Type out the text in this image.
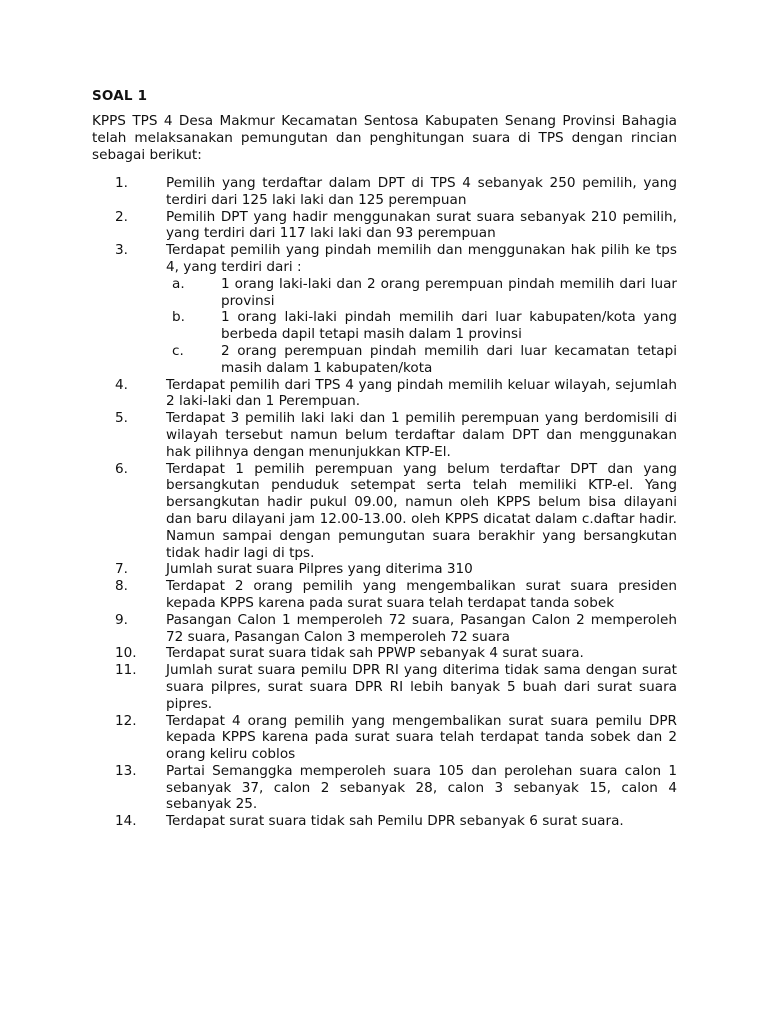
SOAL 1
KPPS TPS 4 Desa Makmur Kecamatan Sentosa Kabupaten Senang Provinsi Bahagia telah melaksanakan pemungutan dan penghitungan suara di TPS dengan rincian sebagai berikut:
1.	Pemilih yang terdaftar dalam DPT di TPS 4 sebanyak 250 pemilih, yang terdiri dari 125 laki laki dan 125 perempuan
2.	Pemilih DPT yang hadir menggunakan surat suara sebanyak 210 pemilih, yang terdiri dari 117 laki laki dan 93 perempuan
3.	Terdapat pemilih yang pindah memilih dan menggunakan hak pilih ke tps 4, yang terdiri dari :
a.	1 orang laki-laki dan 2 orang perempuan pindah memilih dari luar provinsi
b.	1 orang laki-laki pindah memilih dari luar kabupaten/kota yang berbeda dapil tetapi masih dalam 1 provinsi
c.	2 orang perempuan pindah memilih dari luar kecamatan tetapi masih dalam 1 kabupaten/kota
4.	Terdapat pemilih dari TPS 4 yang pindah memilih keluar wilayah, sejumlah 2 laki-laki dan 1 Perempuan.
5.	Terdapat 3 pemilih laki laki dan 1 pemilih perempuan yang berdomisili di wilayah tersebut namun belum terdaftar dalam DPT dan menggunakan hak pilihnya dengan menunjukkan KTP-El.
6.	Terdapat 1 pemilih perempuan yang belum terdaftar DPT dan yang bersangkutan penduduk setempat serta telah memiliki KTP-el. Yang bersangkutan hadir pukul 09.00, namun oleh KPPS belum bisa dilayani dan baru dilayani jam 12.00-13.00. oleh KPPS dicatat dalam c.daftar hadir. Namun sampai dengan pemungutan suara berakhir yang bersangkutan tidak hadir lagi di tps.
7.	Jumlah surat suara Pilpres yang diterima 310
8.	Terdapat 2 orang pemilih yang mengembalikan surat suara presiden kepada KPPS karena pada surat suara telah terdapat tanda sobek
9.	Pasangan Calon 1 memperoleh 72 suara, Pasangan Calon 2 memperoleh 72 suara, Pasangan Calon 3 memperoleh 72 suara
10.	Terdapat surat suara tidak sah PPWP sebanyak 4 surat suara.
11.	Jumlah surat suara pemilu DPR RI yang diterima tidak sama dengan surat suara pilpres, surat suara DPR RI lebih banyak 5 buah dari surat suara pipres.
12.	Terdapat 4 orang pemilih yang mengembalikan surat suara pemilu DPR kepada KPPS karena pada surat suara telah terdapat tanda sobek dan 2 orang keliru coblos
13.	Partai Semanggka memperoleh suara 105 dan perolehan suara calon 1 sebanyak 37, calon 2 sebanyak 28, calon 3 sebanyak 15, calon 4 sebanyak 25.
14.	Terdapat surat suara tidak sah Pemilu DPR sebanyak 6 surat suara.
